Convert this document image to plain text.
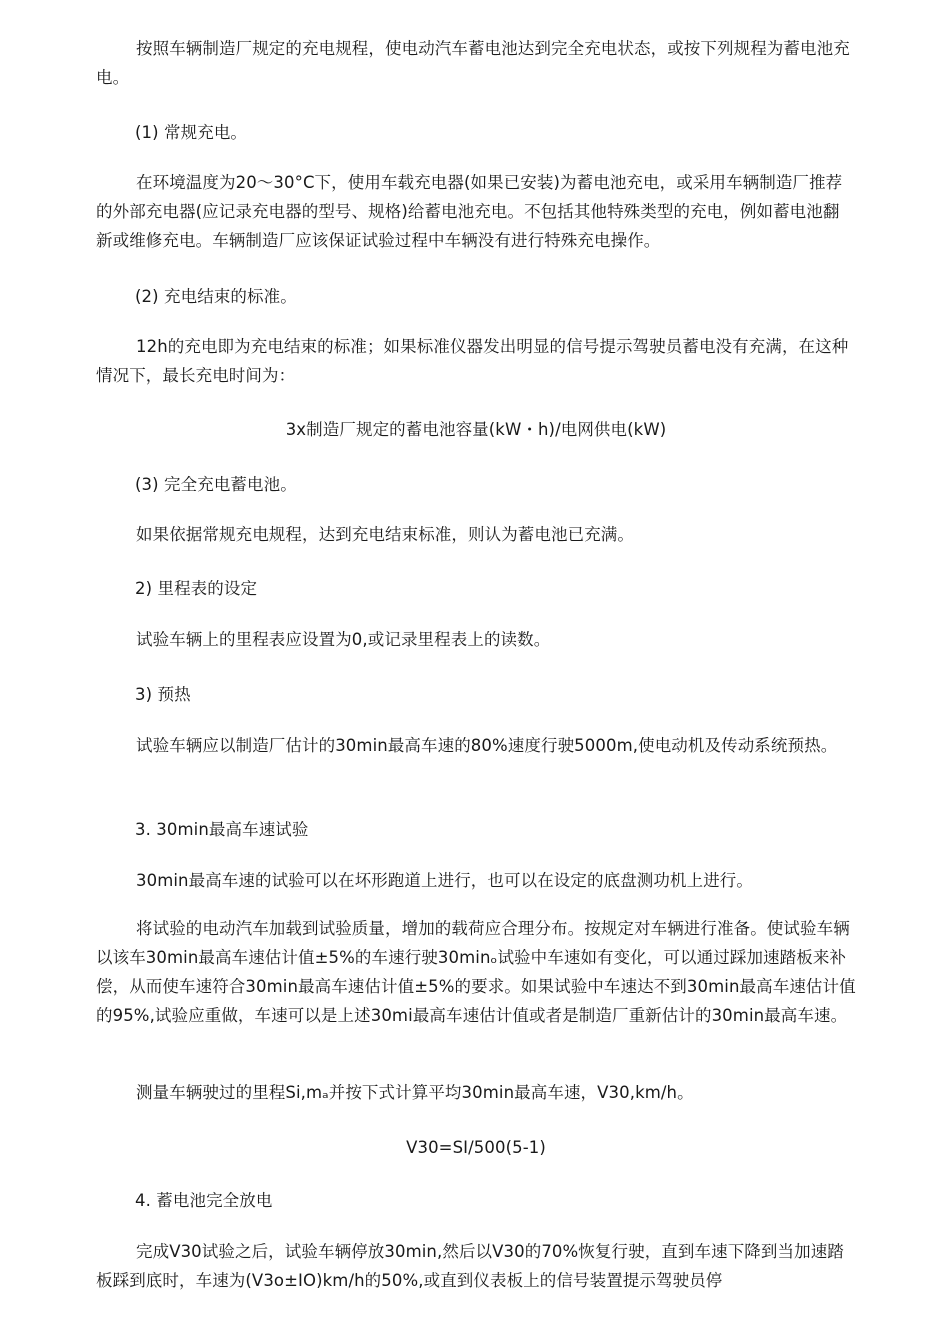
按照车辆制造厂规定的充电规程，使电动汽车蓄电池达到完全充电状态，或按下列规程为蓄电池充电。

(1) 常规充电。

在环境温度为20～30°C下，使用车载充电器(如果已安装)为蓄电池充电，或采用车辆制造厂推荐的外部充电器(应记录充电器的型号、规格)给蓄电池充电。不包括其他特殊类型的充电，例如蓄电池翻新或维修充电。车辆制造厂应该保证试验过程中车辆没有进行特殊充电操作。

(2) 充电结束的标准。

12h的充电即为充电结束的标准；如果标准仪器发出明显的信号提示驾驶员蓄电没有充满，在这种情况下，最长充电时间为：

3x制造厂规定的蓄电池容量(kW・h)/电网供电(kW)

(3) 完全充电蓄电池。

如果依据常规充电规程，达到充电结束标准，则认为蓄电池已充满。

2) 里程表的设定

试验车辆上的里程表应设置为0,或记录里程表上的读数。

3) 预热

试验车辆应以制造厂估计的30min最高车速的80%速度行驶5000m,使电动机及传动系统预热。

3. 30min最高车速试验

30min最高车速的试验可以在坏形跑道上进行，也可以在设定的底盘测功机上进行。

将试验的电动汽车加载到试验质量，增加的载荷应合理分布。按规定对车辆进行准备。使试验车辆以该车30min最高车速估计值±5%的车速行驶30minₒ试验中车速如有变化，可以通过踩加速踏板来补偿，从而使车速符合30min最高车速估计值±5%的要求。如果试验中车速达不到30min最高车速估计值的95%,试验应重做，车速可以是上述30mi最高车速估计值或者是制造厂重新估计的30min最高车速。

测量车辆驶过的里程Si,mₐ并按下式计算平均30min最高车速，V30,km/h。

V30=SI/500(5-1)

4. 蓄电池完全放电

完成V30试验之后，试验车辆停放30min,然后以V30的70%恢复行驶，直到车速下降到当加速踏板踩到底时，车速为(V3o±IO)km/h的50%,或直到仪表板上的信号装置提示驾驶员停
